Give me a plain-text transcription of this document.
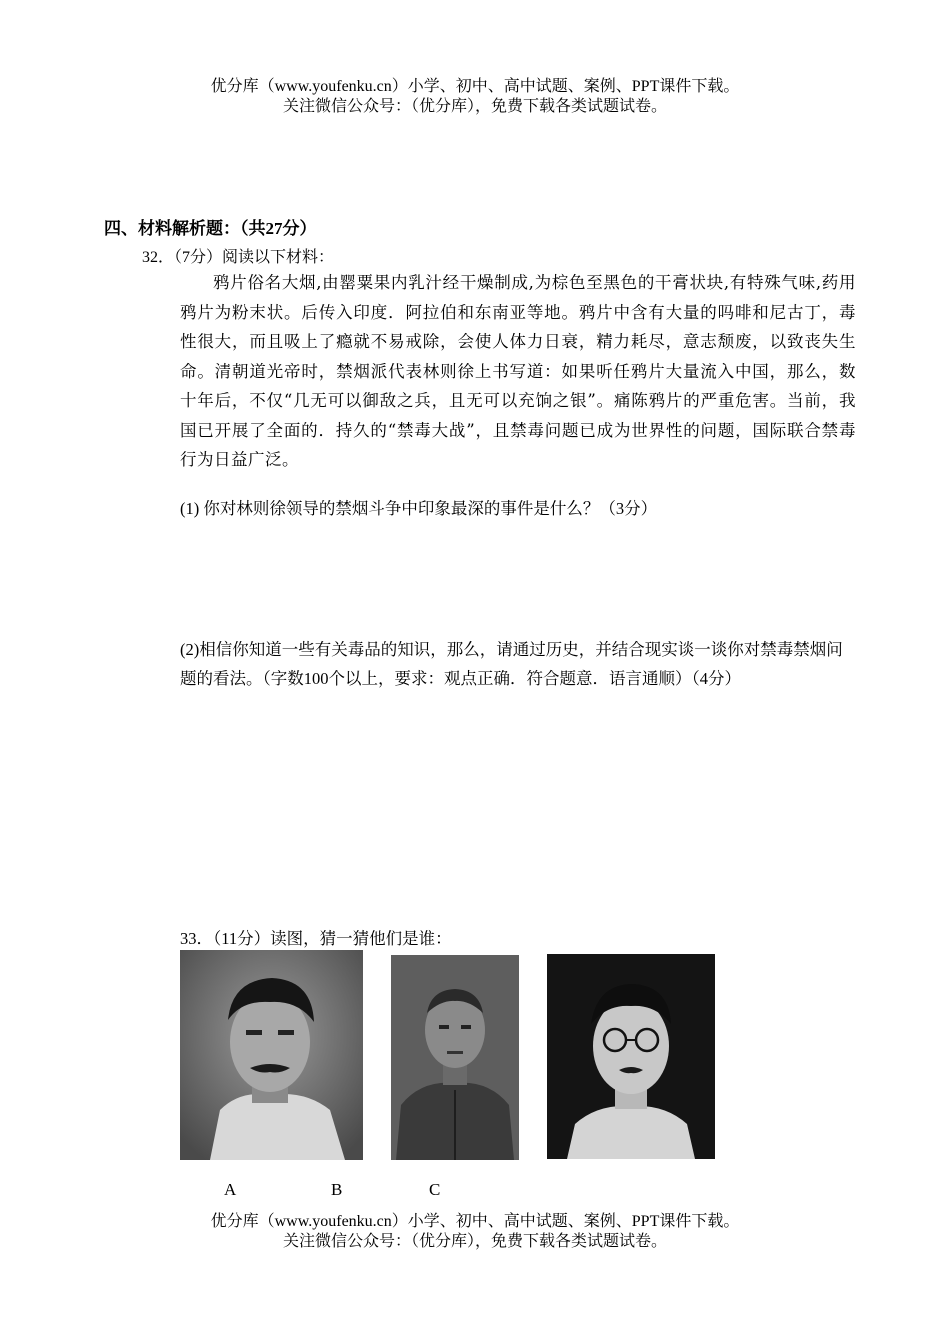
优分库（www.youfenku.cn）小学、初中、高中试题、案例、PPT课件下载。
关注微信公众号：（优分库），免费下载各类试题试卷。
四、材料解析题：（共27分）
32．（7分）阅读以下材料：

鸦片俗名大烟,由罂粟果内乳汁经干燥制成,为棕色至黑色的干膏状块,有特殊气味,药用鸦片为粉末状。后传入印度．阿拉伯和东南亚等地。鸦片中含有大量的吗啡和尼古丁，毒性很大，而且吸上了瘾就不易戒除，会使人体力日衰，精力耗尽，意志颓废，以致丧失生命。清朝道光帝时，禁烟派代表林则徐上书写道：如果听任鸦片大量流入中国，那么，数十年后，不仅“几无可以御敌之兵，且无可以充饷之银”。痛陈鸦片的严重危害。当前，我国已开展了全面的．持久的“禁毒大战”，且禁毒问题已成为世界性的问题，国际联合禁毒行为日益广泛。

(1) 你对林则徐领导的禁烟斗争中印象最深的事件是什么？（3分）
(2)相信你知道一些有关毒品的知识，那么，请通过历史，并结合现实谈一谈你对禁毒禁烟问题的看法。（字数100个以上，要求：观点正确．符合题意．语言通顺）（4分）
33．（11分）读图，猜一猜他们是谁：
A	B	C
优分库（www.youfenku.cn）小学、初中、高中试题、案例、PPT课件下载。
关注微信公众号：（优分库），免费下载各类试题试卷。
